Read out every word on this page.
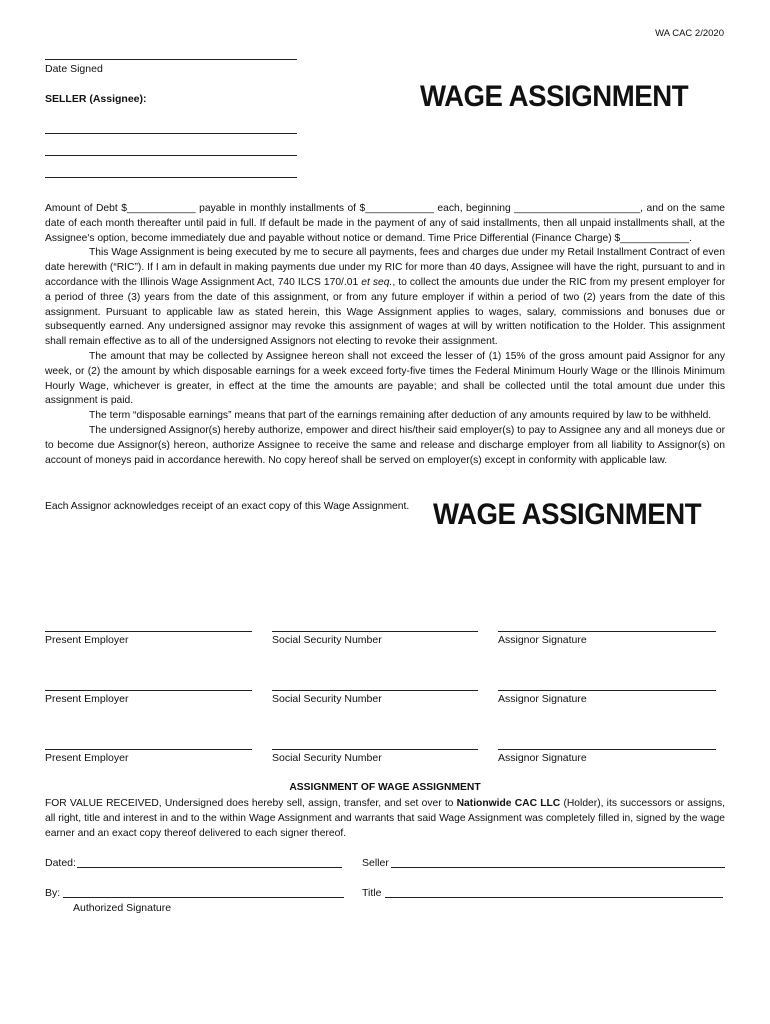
WA CAC 2/2020
Date Signed
SELLER (Assignee):	WAGE ASSIGNMENT

Amount of Debt $____________ payable in monthly installments of $____________ each, beginning ______________________, and on the same date of each month thereafter until paid in full. If default be made in the payment of any of said installments, then all unpaid installments shall, at the Assignee's option, become immediately due and payable without notice or demand. Time Price Differential (Finance Charge) $____________.

This Wage Assignment is being executed by me to secure all payments, fees and charges due under my Retail Installment Contract of even date herewith (“RIC”). If I am in default in making payments due under my RIC for more than 40 days, Assignee will have the right, pursuant to and in accordance with the Illinois Wage Assignment Act, 740 ILCS 170/.01 et seq., to collect the amounts due under the RIC from my present employer for a period of three (3) years from the date of this assignment, or from any future employer if within a period of two (2) years from the date of this assignment. Pursuant to applicable law as stated herein, this Wage Assignment applies to wages, salary, commissions and bonuses due or subsequently earned. Any undersigned assignor may revoke this assignment of wages at will by written notification to the Holder. This assignment shall remain effective as to all of the undersigned Assignors not electing to revoke their assignment.

The amount that may be collected by Assignee hereon shall not exceed the lesser of (1) 15% of the gross amount paid Assignor for any week, or (2) the amount by which disposable earnings for a week exceed forty-five times the Federal Minimum Hourly Wage or the Illinois Minimum Hourly Wage, whichever is greater, in effect at the time the amounts are payable; and shall be collected until the total amount due under this assignment is paid.

The term “disposable earnings” means that part of the earnings remaining after deduction of any amounts required by law to be withheld.

The undersigned Assignor(s) hereby authorize, empower and direct his/their said employer(s) to pay to Assignee any and all moneys due or to become due Assignor(s) hereon, authorize Assignee to receive the same and release and discharge employer from all liability to Assignor(s) on account of moneys paid in accordance herewith. No copy hereof shall be served on employer(s) except in conformity with applicable law.

Each Assignor acknowledges receipt of an exact copy of this Wage Assignment. WAGE ASSIGNMENT
Present Employer	Social Security Number	Assignor Signature
Present Employer	Social Security Number	Assignor Signature
Present Employer	Social Security Number	Assignor Signature
ASSIGNMENT OF WAGE ASSIGNMENT

FOR VALUE RECEIVED, Undersigned does hereby sell, assign, transfer, and set over to Nationwide CAC LLC (Holder), its successors or assigns, all right, title and interest in and to the within Wage Assignment and warrants that said Wage Assignment was completely filled in, signed by the wage earner and an exact copy thereof delivered to each signer thereof.

Dated:	Seller
By:	Title
Authorized Signature
